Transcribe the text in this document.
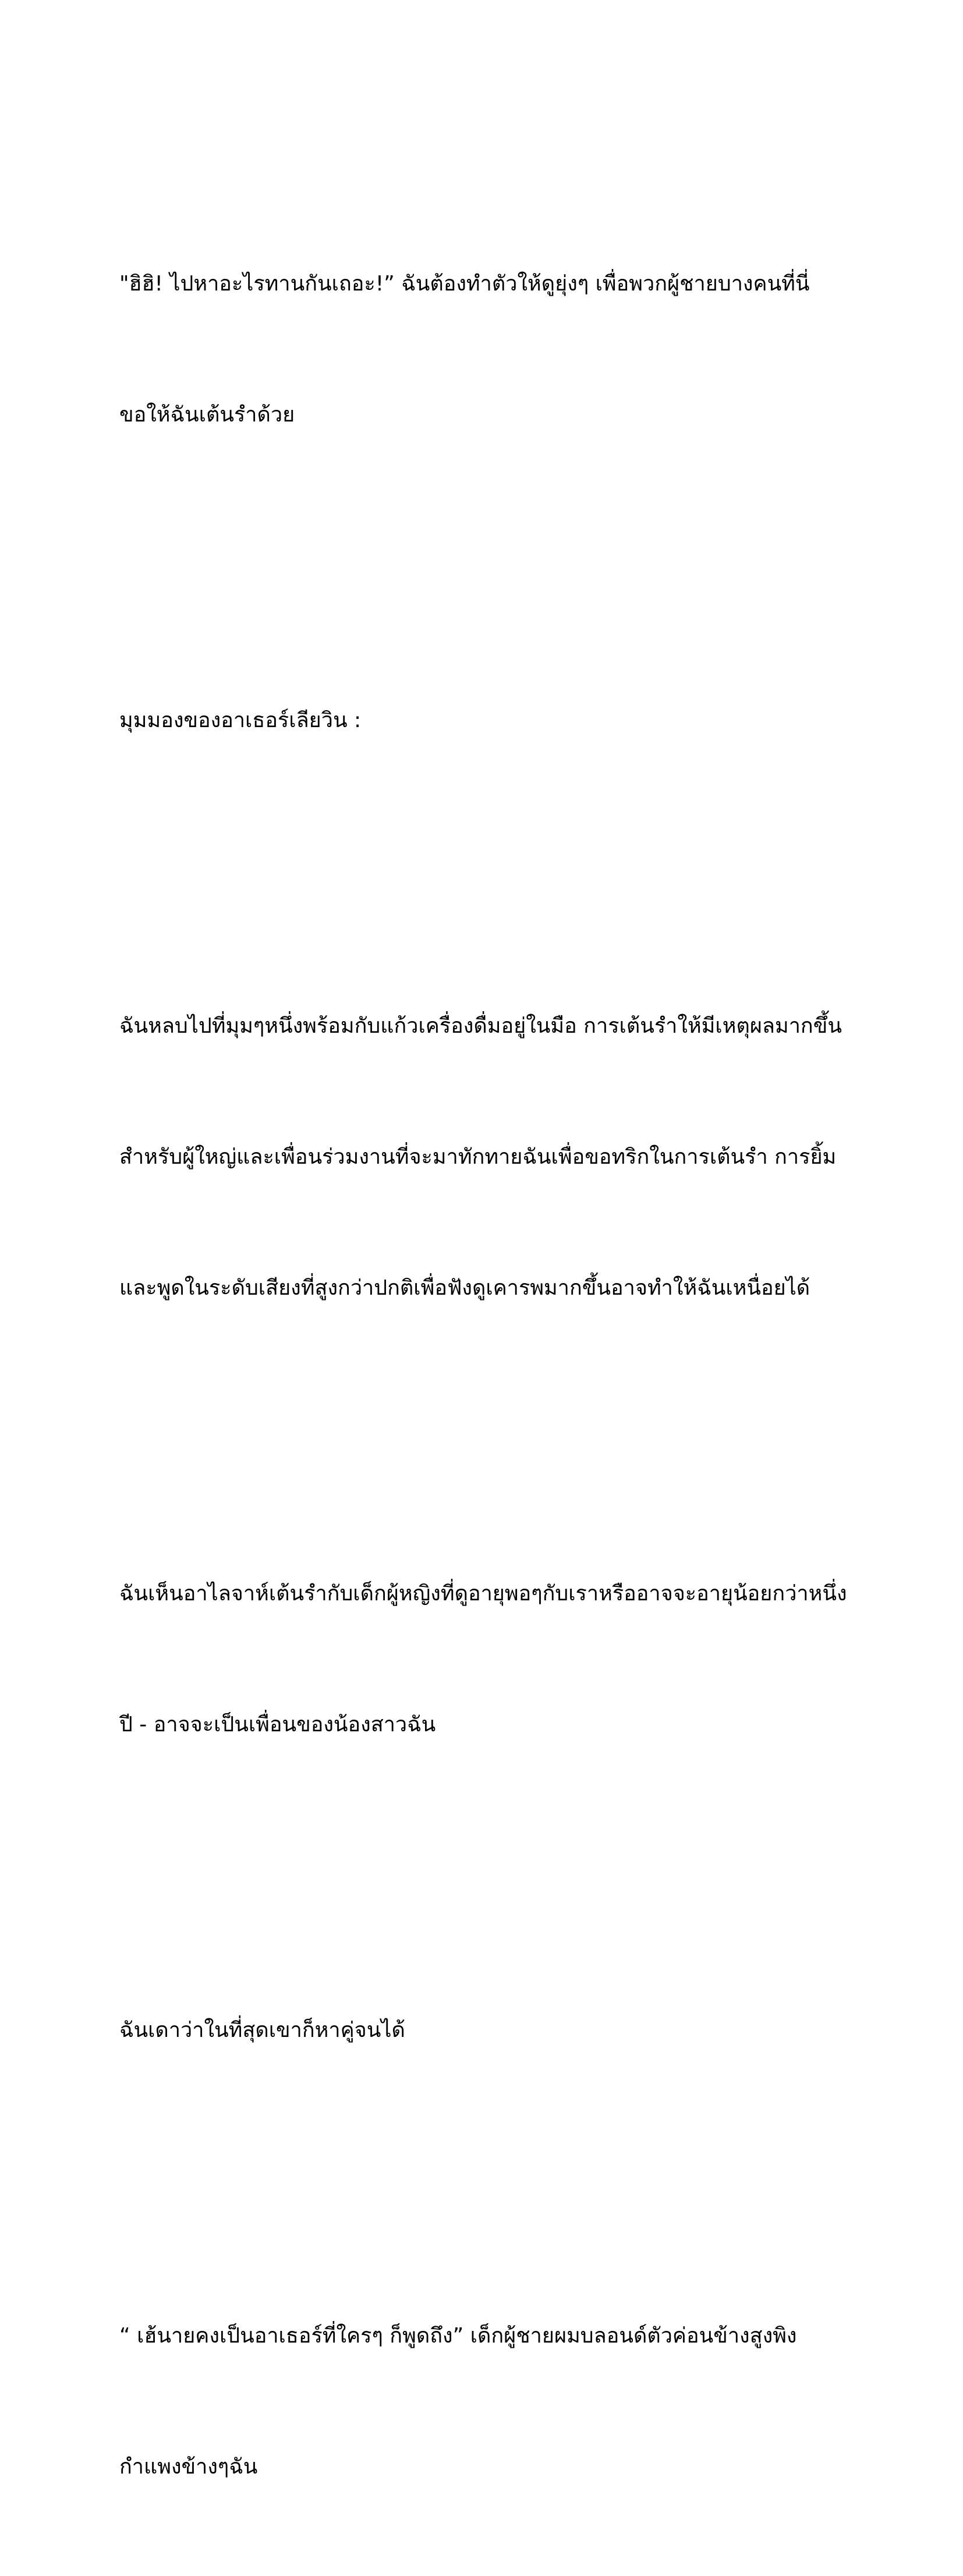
"ฮิฮิ! ไปหาอะไรทานกันเถอะ!” ฉันต้องทำตัวให้ดูยุ่งๆ เพื่อพวกผู้ชายบางคนที่นี่

ขอให้ฉันเต้นรำด้วย

มุมมองของอาเธอร์เลียวิน :

ฉันหลบไปที่มุมๆหนึ่งพร้อมกับแก้วเครื่องดื่มอยู่ในมือ การเต้นรำให้มีเหตุผลมากขึ้น

สำหรับผู้ใหญ่และเพื่อนร่วมงานที่จะมาทักทายฉันเพื่อขอทริกในการเต้นรำ การยิ้ม

และพูดในระดับเสียงที่สูงกว่าปกติเพื่อฟังดูเคารพมากขึ้นอาจทำให้ฉันเหนื่อยได้

ฉันเห็นอาไลจาห์เต้นรำกับเด็กผู้หญิงที่ดูอายุพอๆกับเราหรืออาจจะอายุน้อยกว่าหนึ่ง

ปี - อาจจะเป็นเพื่อนของน้องสาวฉัน

ฉันเดาว่าในที่สุดเขาก็หาคู่จนได้

“ เฮ้นายคงเป็นอาเธอร์ที่ใครๆ ก็พูดถึง” เด็กผู้ชายผมบลอนด์ตัวค่อนข้างสูงพิง

กำแพงข้างๆฉัน
